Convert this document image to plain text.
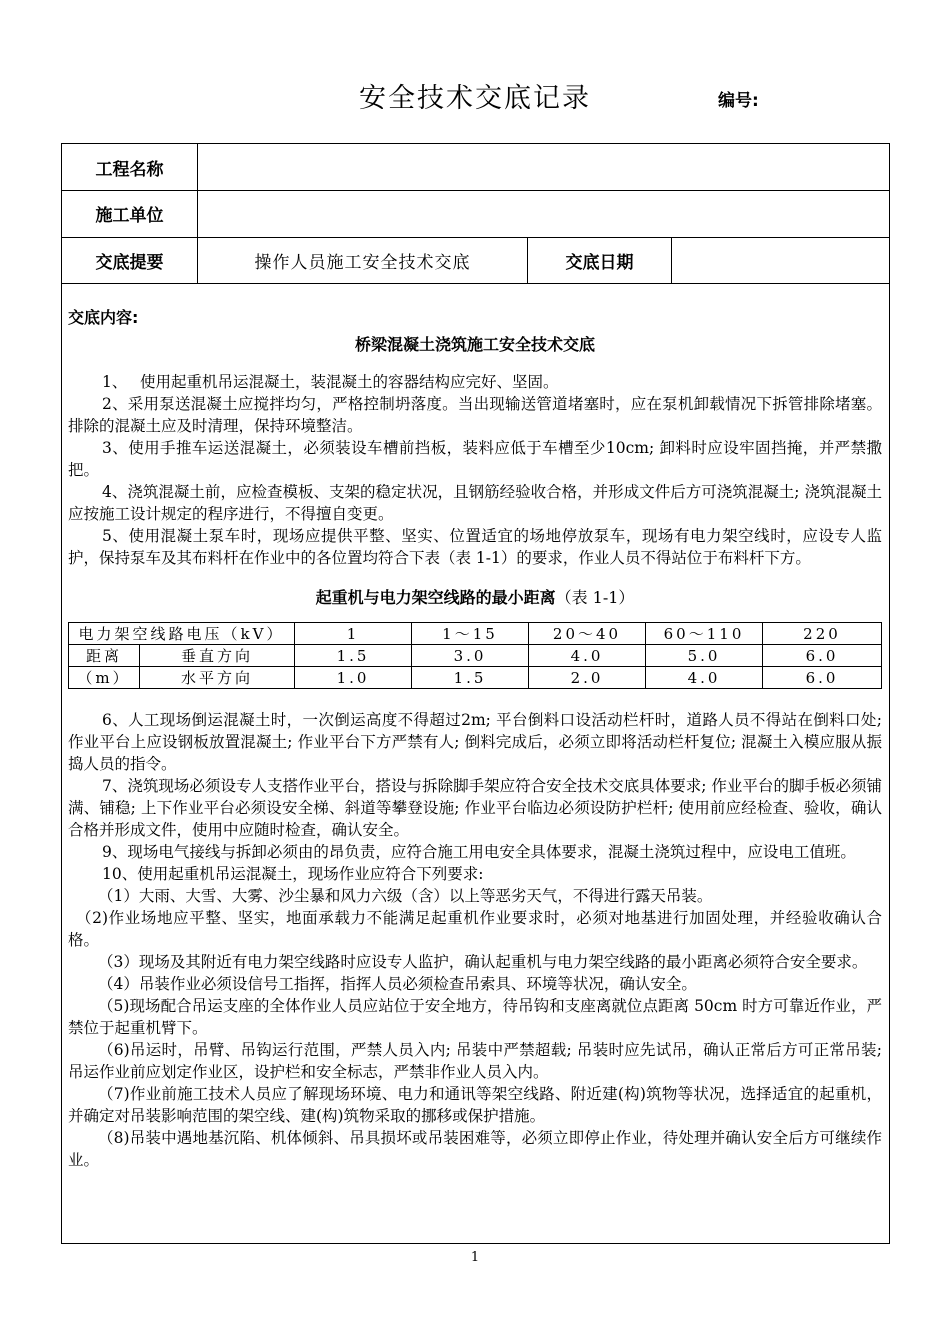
安全技术交底记录	编号:
工程名称
施工单位
交底提要	操作人员施工安全技术交底	交底日期
交底内容:
桥梁混凝土浇筑施工安全技术交底

1、　 使用起重机吊运混凝土，装混凝土的容器结构应完好、坚固。

2、采用泵送混凝土应搅拌均匀，严格控制坍落度。当出现输送管道堵塞时，应在泵机卸载情况下拆管排除堵塞。排除的混凝土应及时清理，保持环境整洁。

3、使用手推车运送混凝土，必须装设车槽前挡板，装料应低于车槽至少10cm; 卸料时应设牢固挡掩，并严禁撒把。

4、浇筑混凝土前，应检查模板、支架的稳定状况，且钢筋经验收合格，并形成文件后方可浇筑混凝土; 浇筑混凝土应按施工设计规定的程序进行，不得擅自变更。

5、使用混凝土泵车时，现场应提供平整、坚实、位置适宜的场地停放泵车，现场有电力架空线时，应设专人监护，保持泵车及其布料杆在作业中的各位置均符合下表（表 1-1）的要求，作业人员不得站位于布料杆下方。

起重机与电力架空线路的最小距离（表 1-1）
电力架空线路电压（kV）		1	1～15	20～40	60～110	220
距离	垂直方向	1.5	3.0	4.0	5.0	6.0
（m）	水平方向	1.0	1.5	2.0	4.0	6.0

6、人工现场倒运混凝土时，一次倒运高度不得超过2m; 平台倒料口设活动栏杆时，道路人员不得站在倒料口处; 作业平台上应设钢板放置混凝土; 作业平台下方严禁有人; 倒料完成后，必须立即将活动栏杆复位; 混凝土入模应服从振捣人员的指令。

7、浇筑现场必须设专人支搭作业平台，搭设与拆除脚手架应符合安全技术交底具体要求; 作业平台的脚手板必须铺满、铺稳; 上下作业平台必须设安全梯、斜道等攀登设施; 作业平台临边必须设防护栏杆; 使用前应经检查、验收，确认合格并形成文件，使用中应随时检查，确认安全。

9、现场电气接线与拆卸必须由的昂负责，应符合施工用电安全具体要求，混凝土浇筑过程中，应设电工值班。

10、使用起重机吊运混凝土，现场作业应符合下列要求:

（1）大雨、大雪、大雾、沙尘暴和风力六级（含）以上等恶劣天气，不得进行露天吊装。

（2)作业场地应平整、坚实，地面承载力不能满足起重机作业要求时，必须对地基进行加固处理，并经验收确认合格。

（3）现场及其附近有电力架空线路时应设专人监护，确认起重机与电力架空线路的最小距离必须符合安全要求。

（4）吊装作业必须设信号工指挥，指挥人员必须检查吊索具、环境等状况，确认安全。

（5)现场配合吊运支座的全体作业人员应站位于安全地方，待吊钩和支座离就位点距离 50cm 时方可靠近作业，严禁位于起重机臂下。

（6)吊运时，吊臂、吊钩运行范围，严禁人员入内; 吊装中严禁超载; 吊装时应先试吊，确认正常后方可正常吊装; 吊运作业前应划定作业区，设护栏和安全标志，严禁非作业人员入内。

（7)作业前施工技术人员应了解现场环境、电力和通讯等架空线路、附近建(构)筑物等状况，选择适宜的起重机，并确定对吊装影响范围的架空线、建(构)筑物采取的挪移或保护措施。

（8)吊装中遇地基沉陷、机体倾斜、吊具损坏或吊装困难等，必须立即停止作业，待处理并确认安全后方可继续作业。

1
